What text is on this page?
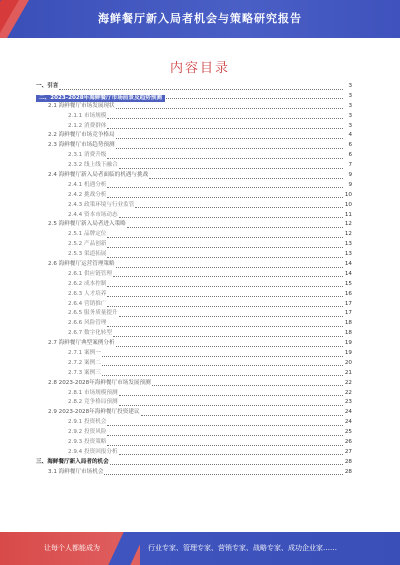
海鲜餐厅新入局者机会与策略研究报告
内容目录
一、引言	3
二、2023-2028年海鲜餐厅市场前景及趋势预测	3
2.1 海鲜餐厅市场发展现状	3
2.1.1 市场规模	3
2.1.2 消费群体	3
2.2 海鲜餐厅市场竞争格局	4
2.3 海鲜餐厅市场趋势预测	6
2.3.1 消费升级	6
2.3.2 线上线下融合	7
2.4 海鲜餐厅新入局者面临的机遇与挑战	9
2.4.1 机遇分析	9
2.4.2 挑战分析	10
2.4.3 政策环境与行业监管	10
2.4.4 资本市场动态	11
2.5 海鲜餐厅新入局者进入策略	12
2.5.1 品牌定位	12
2.5.2 产品创新	13
2.5.3 渠道拓展	13
2.6 海鲜餐厅运营管理策略	14
2.6.1 供应链管理	14
2.6.2 成本控制	15
2.6.3 人才培养	16
2.6.4 营销推广	17
2.6.5 服务质量提升	17
2.6.6 风险管理	18
2.6.7 数字化转型	18
2.7 海鲜餐厅典型案例分析	19
2.7.1 案例一	19
2.7.2 案例二	20
2.7.3 案例三	21
2.8 2023-2028年海鲜餐厅市场发展预测	22
2.8.1 市场规模预测	22
2.8.2 竞争格局预测	23
2.9 2023-2028年海鲜餐厅投资建议	24
2.9.1 投资机会	24
2.9.2 投资风险	25
2.9.3 投资策略	26
2.9.4 投资回报分析	27
三、海鲜餐厅新入局者的机会	28
3.1 海鲜餐厅市场机会	28
让每个人都能成为	行业专家、管理专家、营销专家、战略专家、成功企业家……
